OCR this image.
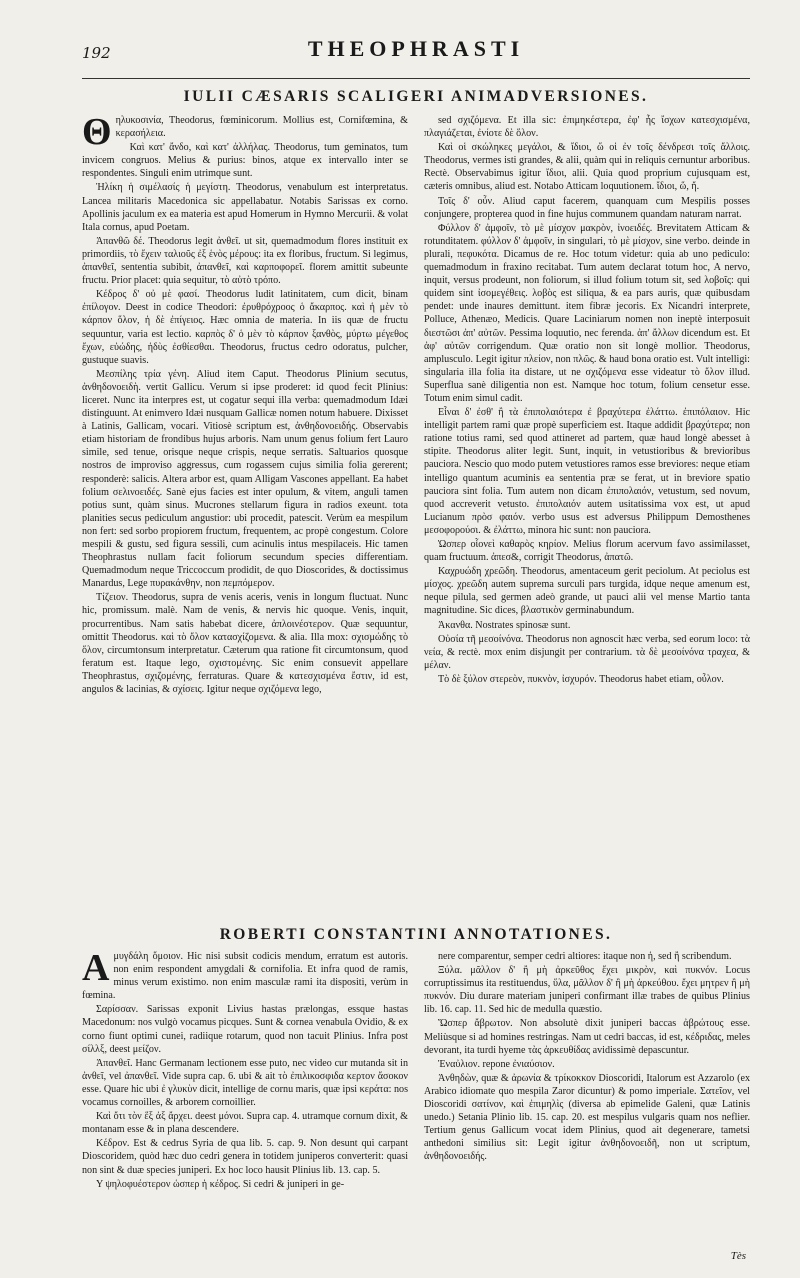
192	THEOPHRASTI
IULII CÆSARIS SCALIGERI ANIMADVERSIONES.
Θ ηλυκοσινία, Theodorus, fœminicorum. Mollius est, Cornifœmina, & κερασήλεια.

Καὶ κατ' ἄνδο, καὶ κατ' ἀλλήλας. Theodorus, tum geminatos, tum invicem congruos. Melius & purius: binos, atque ex intervallo inter se respondentes. Singuli enim utrimque sunt.

Ἠλίκη ἡ σιμέλασίς ἡ μεγίστη. Theodorus, venabulum est interpretatus. Lancea militaris Macedonica sic appellabatur. Notabis Sarissas ex corno. Apollinis jaculum ex ea materia est apud Homerum in Hymno Mercurii. & volat Itala cornus, apud Poetam.

Ἀπανθῶ δέ. Theodorus legit ἀνθεῖ. ut sit, quemadmodum flores instituit ex primordiis, τὸ ἔχειν ταλιοῦς ἐξ ἑνὸς μέρους: ita ex floribus, fructum. Si legimus, ἀπανθεῖ, sententia subibit, ἀπανθεῖ, καὶ καρποφορεῖ. florem amittit subeunte fructu. Prior placet: quia sequitur, τὸ αὐτὸ τρόπο.

Κέδρος δ' οὐ μὲ φασί. Theodorus ludit latinitatem, cum dicit, binam ἐπίλογον. Deest in codice Theodori: ἐρυθρόχροος ὁ ἄκαρπος. καὶ ἡ μὲν τὸ κάρπον ὅλον, ἡ δὲ ἐπίγειος. Hæc omnia de materia. In iis quæ de fructu sequuntur, varia est lectio. καρπὸς δ' ὁ μὲν τὸ κάρπον ξανθὸς, μύρτω μέγεθος ἔχων, εὐώδης, ἡδὺς ἐσθίεσθαι. Theodorus, fructus cedro odoratus, pulcher, gustuque suavis.

Μεσπίλης τρία γένη. Aliud item Caput. Theodorus Plinium secutus, ἀνθηδονοειδὴ. vertit Gallicu. Verum si ipse proderet: id quod fecit Plinius: liceret. Nunc ita interpres est, ut cogatur sequi illa verba: quemadmodum Idæi distinguunt. At enimvero Idæi nusquam Gallicæ nomen notum habuere. Dixisset à Latinis, Gallicam, vocari. Vitiosè scriptum est, ἀνθηδονοειδής. Observabis etiam historiam de frondibus hujus arboris. Nam unum genus folium fert Lauro simile, sed tenue, orisque neque crispis, neque serratis. Saltuarios quosque nostros de improviso aggressus, cum rogassem cujus similia folia gererent; responderè: salicis. Altera arbor est, quam Alligam Vascones appellant. Ea habet folium σελινοειδές. Sanè ejus facies est inter opulum, & vitem, anguli tamen potius sunt, quàm sinus. Mucrones stellarum figura in radios exeunt. tota planities secus pediculum angustior: ubi procedit, patescit. Verùm ea mespilum non fert: sed sorbo propiorem fructum, frequentem, ac propè congestum. Colore mespili & gustu, sed figura sessili, cum acinulis intus mespilaceis. Hic tamen Theophrastus nullam facit foliorum secundum species differentiam. Quemadmodum neque Triccoccum prodidit, de quo Dioscorides, & doctissimus Manardus, Lege πυρακάνθην, non πεμπόμερον.

Τίζειον. Theodorus, supra de venis aceris, venis in longum fluctuat. Nunc hic, promissum. malè. Nam de venis, & nervis hic quoque. Venis, inquit, procurrentibus. Nam satis habebat dicere, ἀπλοινέστερον. Quæ sequuntur, omittit Theodorus. καὶ τὸ ὅλον κατασχίζομενα. & alia. Illa mox: σχισμώδης τὸ ὅλον, circumtonsum interpretatur. Cæterum qua ratione fit circumtonsum, quod feratum est. Itaque lego, σχιστομένης. Sic enim consuevit appellare Theophrastus, σχιζομένης, ferraturas. Quare & κατεσχισμένα ἔστιν, id est, angulos & lacinias, & σχίσεις. Igitur neque σχιζόμενα lego,

sed σχιζόμενα. Et illa sic: ἐπιμηκέστερα, ἐφ' ἧς ἴσχων κατεσχισμένα, πλαγιάζεται, ἐνίοτε δὲ ὅλον.

Καὶ οἱ σκώληκες μεγάλοι, & ἴδιοι, ὥ οἱ ἐν τοῖς δένδρεσι τοῖς ἄλλοις. Theodorus, vermes isti grandes, & alii, quàm qui in reliquis cernuntur arboribus. Rectè. Observabimus igitur ἴδιοι, alii. Quia quod proprium cujusquam est, cæteris omnibus, aliud est. Notabo Atticam loquutionem. ἴδιοι, ὥ, ἤ.

Τοῖς δ' οὖν. Aliud caput facerem, quanquam cum Mespilis posses conjungere, propterea quod in fine hujus communem quandam naturam narrat.

Φύλλον δ' ἀμφοῖν, τὸ μὲ μίσχον μακρὸν, ἰνοειδές. Brevitatem Atticam & rotunditatem. φύλλον δ' ἀμφοῖν, in singulari, τὸ μὲ μίσχον, sine verbo. deinde in plurali, πεφυκότα. Dicamus de re. Hoc totum videtur: quia ab uno pediculo: quemadmodum in fraxino recitabat. Tum autem declarat totum hoc, A nervo, inquit, versus prodeunt, non foliorum, si illud folium totum sit, sed λοβοῖς: qui quidem sint ἰσομεγέθεις. λοβὸς est siliqua, & ea pars auris, quæ quibusdam pendet: unde inaures demittunt. item fibræ jecoris. Ex Nicandri interprete, Polluce, Athenæo, Medicis. Quare Laciniarum nomen non ineptè interposuit διεστῶσι ἀπ' αὐτῶν. Pessima loquutio, nec ferenda. ἀπ' ἄλλων dicendum est. Et ἀφ' αὐτῶν corrigendum. Quæ oratio non sit longè mollior. Theodorus, amplusculo. Legit igitur πλείον, non πλῶς. & haud bona oratio est. Vult intelligi: singularia illa folia ita distare, ut ne σχιζόμενα esse videatur τὸ ὅλον illud. Superflua sanè diligentia non est. Namque hoc totum, folium censetur esse. Totum enim simul cadit.

Εἶναι δ' ἐσθ' ἢ τὰ ἐπιπολαιότερα ἐ βραχύτερα ἐλάττω. ἐπιπόλαιον. Hic intelligit partem rami quæ propè superficiem est. Itaque addidit βραχύτερα; non ratione totius rami, sed quod attineret ad partem, quæ haud longè abesset à stipite. Theodorus aliter legit. Sunt, inquit, in vetustioribus & brevioribus pauciora. Nescio quo modo putem vetustiores ramos esse breviores: neque etiam intelligo quantum acuminis ea sententia præ se ferat, ut in breviore spatio pauciora sint folia. Tum autem non dicam ἐπιπολαιόν, vetustum, sed novum, quod accreverit vetusto. ἐπιπολαιόν autem usitatissima vox est, ut apud Lucianum πρὸσ φαιόν. verbo usus est adversus Philippum Demosthenes μεσοφορούσι. & ἐλάττω, minora hic sunt: non pauciora.

Ὡσπερ οἷονεὶ καθαρὸς κηρίον. Melius florum acervum favo assimilasset, quam fructuum. ἀπεσ&, corrigit Theodorus, ἀπατῶ.

Καχρυώδη χρεῶδη. Theodorus, amentaceum gerit peciolum. At peciolus est μίσχος. χρεῶδη autem suprema surculi pars turgida, idque neque amenum est, neque pilula, sed germen adeò grande, ut pauci alii vel mense Martio tanta magnitudine. Sic dices, βλαστικὸν germinabundum.

Ἀκανθα. Nostrates spinosæ sunt.

Οὐσία τῆ μεσοίνόνα. Theodorus non agnoscit hæc verba, sed eorum loco: τὰ νεία, & rectè. mox enim disjungit per contrarium. τὰ δὲ μεσοίνόνα τραχεα, & μέλαν.

Τὸ δὲ ξύλον στερεὸν, πυκνὸν, ἰσχυρόν. Theodorus habet etiam, οὖλον.

ROBERTI CONSTANTINI ANNOTATIONES.
A μυγδάλη ὅμοιον. Hic nisi subsit codicis mendum, erratum est autoris. non enim respondent amygdali & cornifolia. Et infra quod de ramis, minus verum existimo. non enim masculæ rami ita dispositi, verùm in fœmina.

Σαρίσσαν. Sarissas exponit Livius hastas prælongas, essque hastas Macedonum: nos vulgò vocamus picques. Sunt & cornea venabula Ovidio, & ex corno fiunt optimi cunei, radiique rotarum, quod non tacuit Plinius. Infra post σίλλξ, deest μείζον.

Ἀπανθεῖ. Hanc Germanam lectionem esse puto, nec video cur mutanda sit in ἀνθεῖ, vel ἀπανθεῖ. Vide supra cap. 6. ubi & ait τὸ ἐπιλικοσφιδα κερτον ἄσοκον esse. Quare hic ubi ἐ γλυκὺν dicit, intellige de cornu maris, quæ ipsi κεράτα: nos vocamus cornoilles, & arborem cornoillier.

Καὶ ὄτι τὸν ἕξ ἀξ ἄρχει. deest μόνοι. Supra cap. 4. utramque cornum dixit, & montanam esse & in plana descendere.

Κέδρον. Est & cedrus Syria de qua lib. 5. cap. 9. Non desunt qui carpant Dioscoridem, quòd hæc duo cedri genera in totidem juniperos converterit: quasi non sint & duæ species juniperi. Ex hoc loco hausit Plinius lib. 13. cap. 5.

Υ ψηλοφυέστερον ὡσπερ ἡ κέδρος. Si cedri & juniperi in ge-

nere comparentur, semper cedri altiores: itaque non ἡ, sed ἢ scribendum.

Ξύλα. μᾶλλον δ' ἢ μὴ ἀρκεῦθος ἔχει μικρὸν, καὶ πυκνόν. Locus corruptissimus ita restituendus, ὕλα, μᾶλλον δ' ἢ μὴ ἀρκεύθου. ἔχει μητρεν ἢ μὴ πυκνόν. Diu durare materiam juniperi confirmant illæ trabes de quibus Plinius lib. 16. cap. 11. Sed hic de medulla quæstio.

Ὥσπερ ἄβρωτον. Non absolutè dixit juniperi baccas ἀβρώτους esse. Meliùsque si ad homines restringas. Nam ut cedri baccas, id est, κέδριδας, meles devorant, ita turdi hyeme τὰς ἀρκευθίδας avidissimè depascuntur.

Ἐναὐλιον. repone ἐνιαύσιον.

Ἀνθηδὼν, quæ & ἀρωνία & τρίκοκκον Dioscoridi, Italorum est Azzarolo (ex Arabico idiomate quo mespila Zaror dicuntur) & pomo imperiale. Σατεῖον, vel Dioscoridi σατίνον, καὶ ἐπιμηλὶς (diversa ab epimelide Galeni, quæ Latinis unedo.) Setania Plinio lib. 15. cap. 20. est mespilus vulgaris quam nos neflier. Tertium genus Gallicum vocat idem Plinius, quod ait degenerare, tametsi anthedoni similius sit: Legit igitur ἀνθηδονοειδῆ, non ut scriptum, ἀνθηδονοειδής.

Tès
